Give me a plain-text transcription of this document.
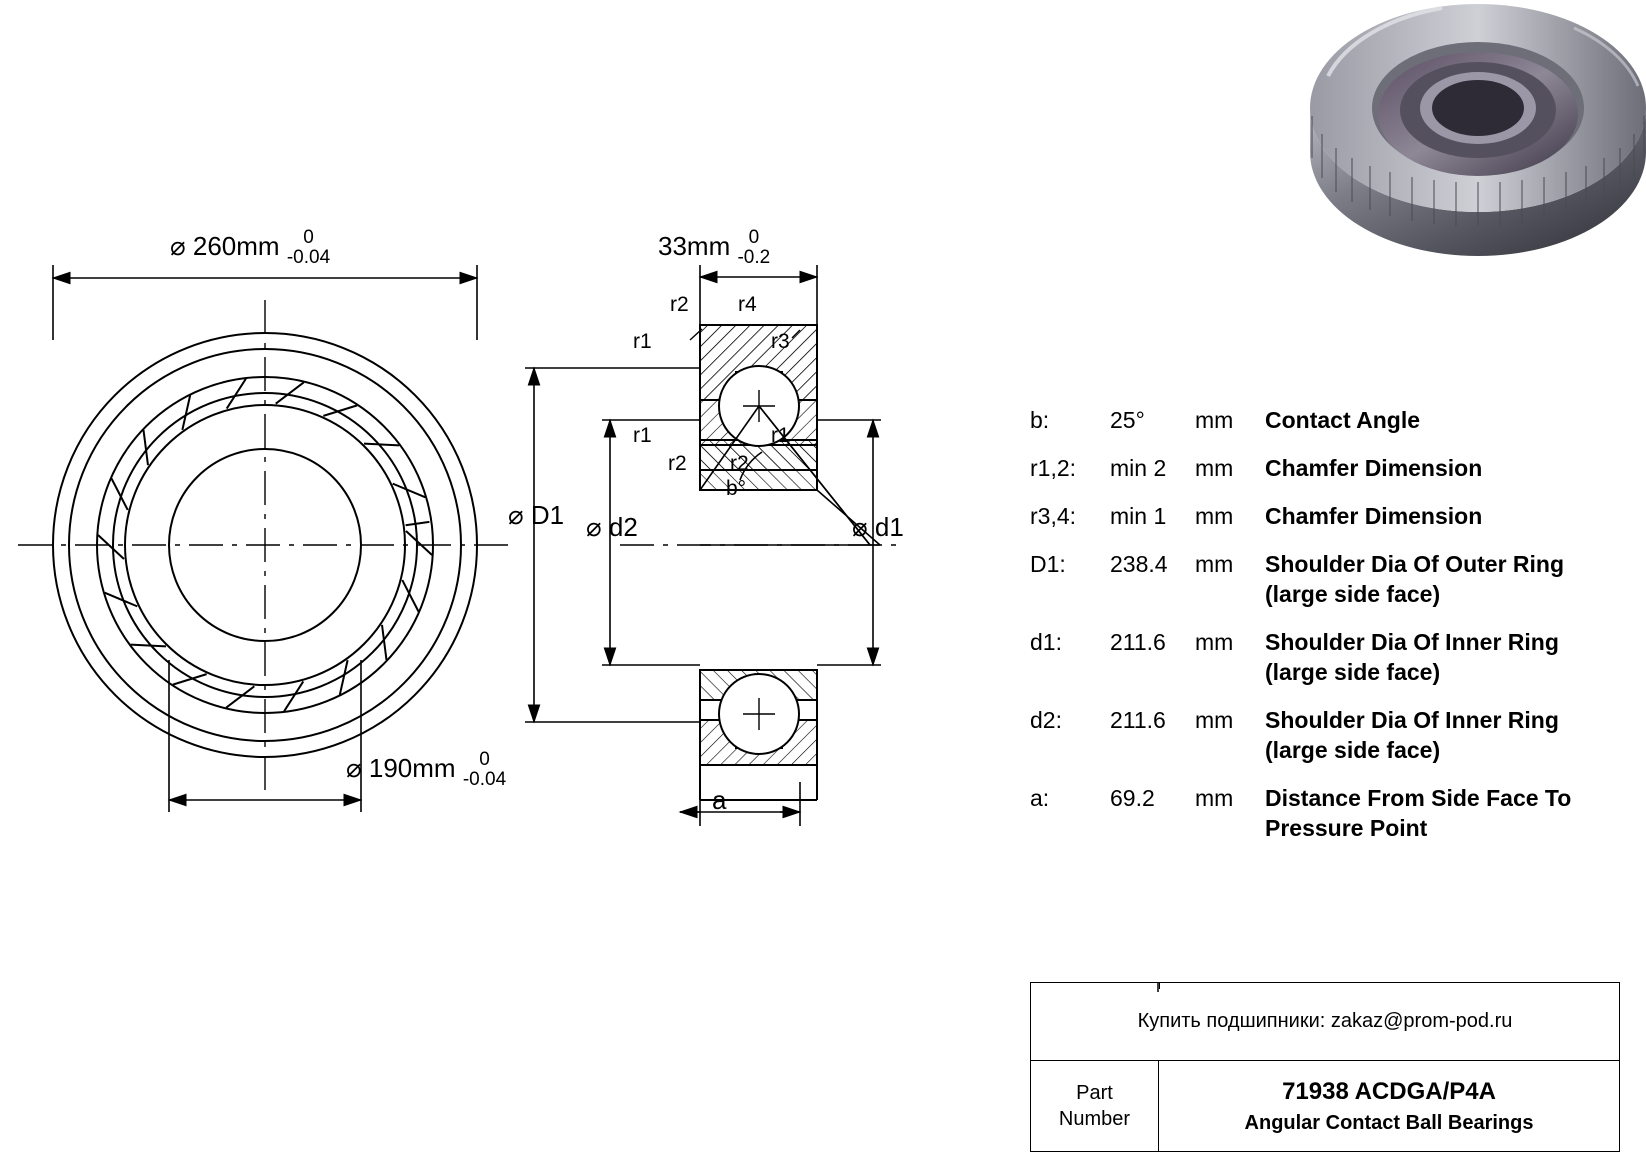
⌀ 260mm	0
-0.04
⌀ 190mm	0
-0.04
33mm 0
-0.2
⌀ D1 ⌀ d2	⌀ d1
a
r2 r4
r1	r3
r1	r1
r2 r2
b°
b:	25°	mm	Contact Angle
r1,2:	min 2	mm	Chamfer Dimension
r3,4:	min 1	mm	Chamfer Dimension
D1:	238.4	mm	Shoulder Dia Of Outer Ring
(large side face)
d1:	211.6	mm	Shoulder Dia Of Inner Ring
(large side face)
d2:	211.6	mm	Shoulder Dia Of Inner Ring
(large side face)
a:	69.2	mm	Distance From Side Face To
Pressure Point
Купить подшипники: zakaz@prom-pod.ru
Part
Number
71938 ACDGA/P4A
Angular Contact Ball Bearings
